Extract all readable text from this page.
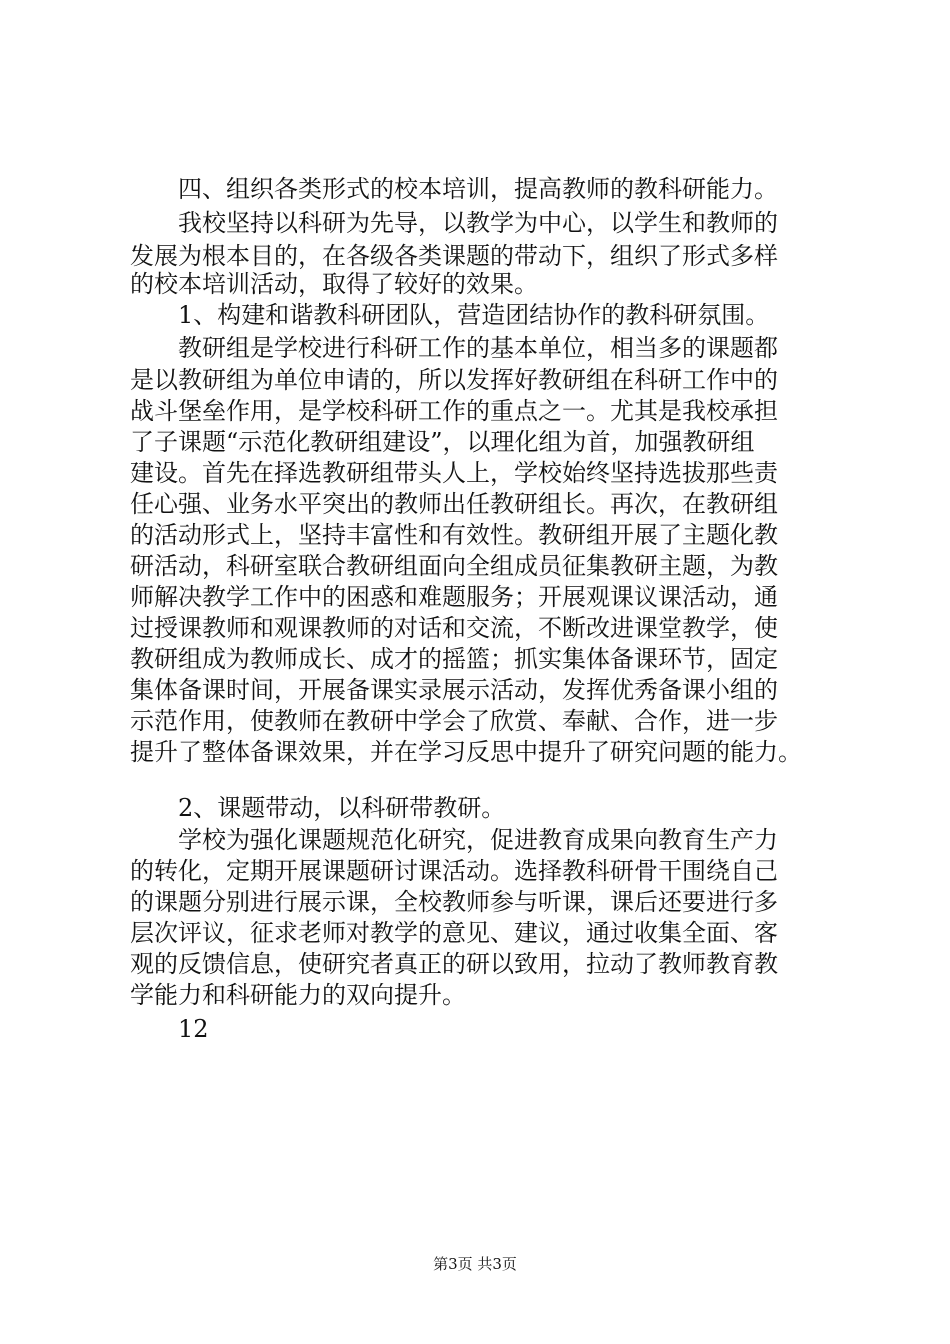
四、组织各类形式的校本培训，提高教师的教科研能力。
我校坚持以科研为先导，以教学为中心，以学生和教师的
发展为根本目的，在各级各类课题的带动下，组织了形式多样
的校本培训活动，取得了较好的效果。
1、构建和谐教科研团队，营造团结协作的教科研氛围。
教研组是学校进行科研工作的基本单位，相当多的课题都
是以教研组为单位申请的，所以发挥好教研组在科研工作中的
战斗堡垒作用，是学校科研工作的重点之一。尤其是我校承担
了子课题“示范化教研组建设”，以理化组为首，加强教研组
建设。首先在择选教研组带头人上，学校始终坚持选拔那些责
任心强、业务水平突出的教师出任教研组长。再次，在教研组
的活动形式上，坚持丰富性和有效性。教研组开展了主题化教
研活动，科研室联合教研组面向全组成员征集教研主题，为教
师解决教学工作中的困惑和难题服务；开展观课议课活动，通
过授课教师和观课教师的对话和交流，不断改进课堂教学，使
教研组成为教师成长、成才的摇篮；抓实集体备课环节，固定
集体备课时间，开展备课实录展示活动，发挥优秀备课小组的
示范作用，使教师在教研中学会了欣赏、奉献、合作，进一步
提升了整体备课效果，并在学习反思中提升了研究问题的能力。
2、课题带动，以科研带教研。
学校为强化课题规范化研究，促进教育成果向教育生产力
的转化，定期开展课题研讨课活动。选择教科研骨干围绕自己
的课题分别进行展示课，全校教师参与听课，课后还要进行多
层次评议，征求老师对教学的意见、建议，通过收集全面、客
观的反馈信息，使研究者真正的研以致用，拉动了教师教育教
学能力和科研能力的双向提升。
12
第3页 共3页
